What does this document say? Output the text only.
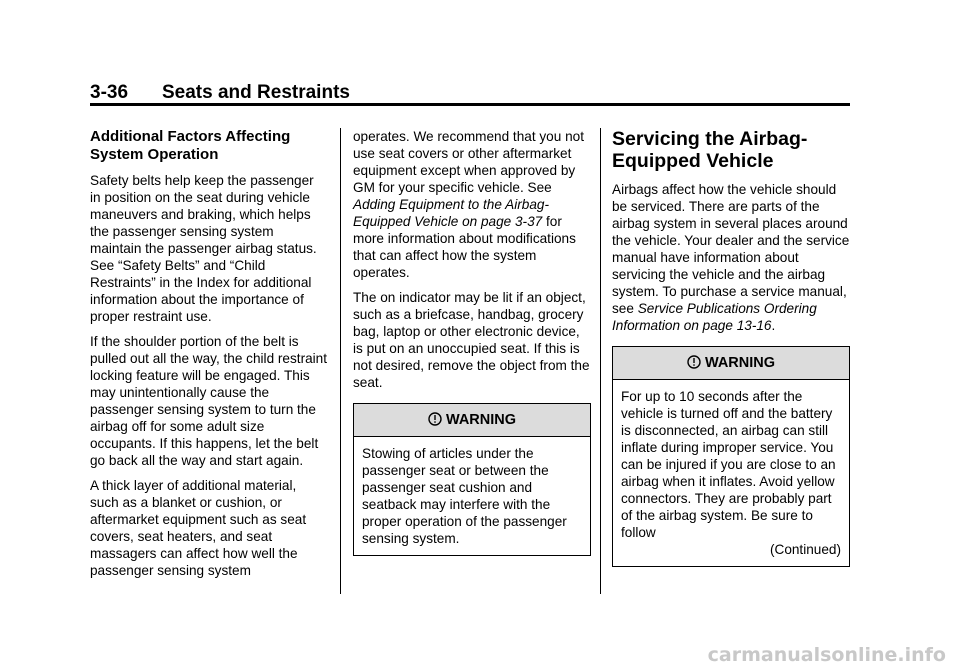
3-36 Seats and Restraints
Additional Factors Affecting System Operation

Safety belts help keep the passenger in position on the seat during vehicle maneuvers and braking, which helps the passenger sensing system maintain the passenger airbag status. See “Safety Belts” and “Child Restraints” in the Index for additional information about the importance of proper restraint use.

If the shoulder portion of the belt is pulled out all the way, the child restraint locking feature will be engaged. This may unintentionally cause the passenger sensing system to turn the airbag off for some adult size occupants. If this happens, let the belt go back all the way and start again.

A thick layer of additional material, such as a blanket or cushion, or aftermarket equipment such as seat covers, seat heaters, and seat massagers can affect how well the passenger sensing system

operates. We recommend that you not use seat covers or other aftermarket equipment except when approved by GM for your specific vehicle. See Adding Equipment to the Airbag-Equipped Vehicle on page 3-37 for more information about modifications that can affect how the system operates.

The on indicator may be lit if an object, such as a briefcase, handbag, grocery bag, laptop or other electronic device, is put on an unoccupied seat. If this is not desired, remove the object from the seat.

WARNING
Stowing of articles under the passenger seat or between the passenger seat cushion and seatback may interfere with the proper operation of the passenger sensing system.
Servicing the Airbag-Equipped Vehicle

Airbags affect how the vehicle should be serviced. There are parts of the airbag system in several places around the vehicle. Your dealer and the service manual have information about servicing the vehicle and the airbag system. To purchase a service manual, see Service Publications Ordering Information on page 13-16.

WARNING
For up to 10 seconds after the vehicle is turned off and the battery is disconnected, an airbag can still inflate during improper service. You can be injured if you are close to an airbag when it inflates. Avoid yellow connectors. They are probably part of the airbag system. Be sure to follow
(Continued)
carmanualsonline.info
